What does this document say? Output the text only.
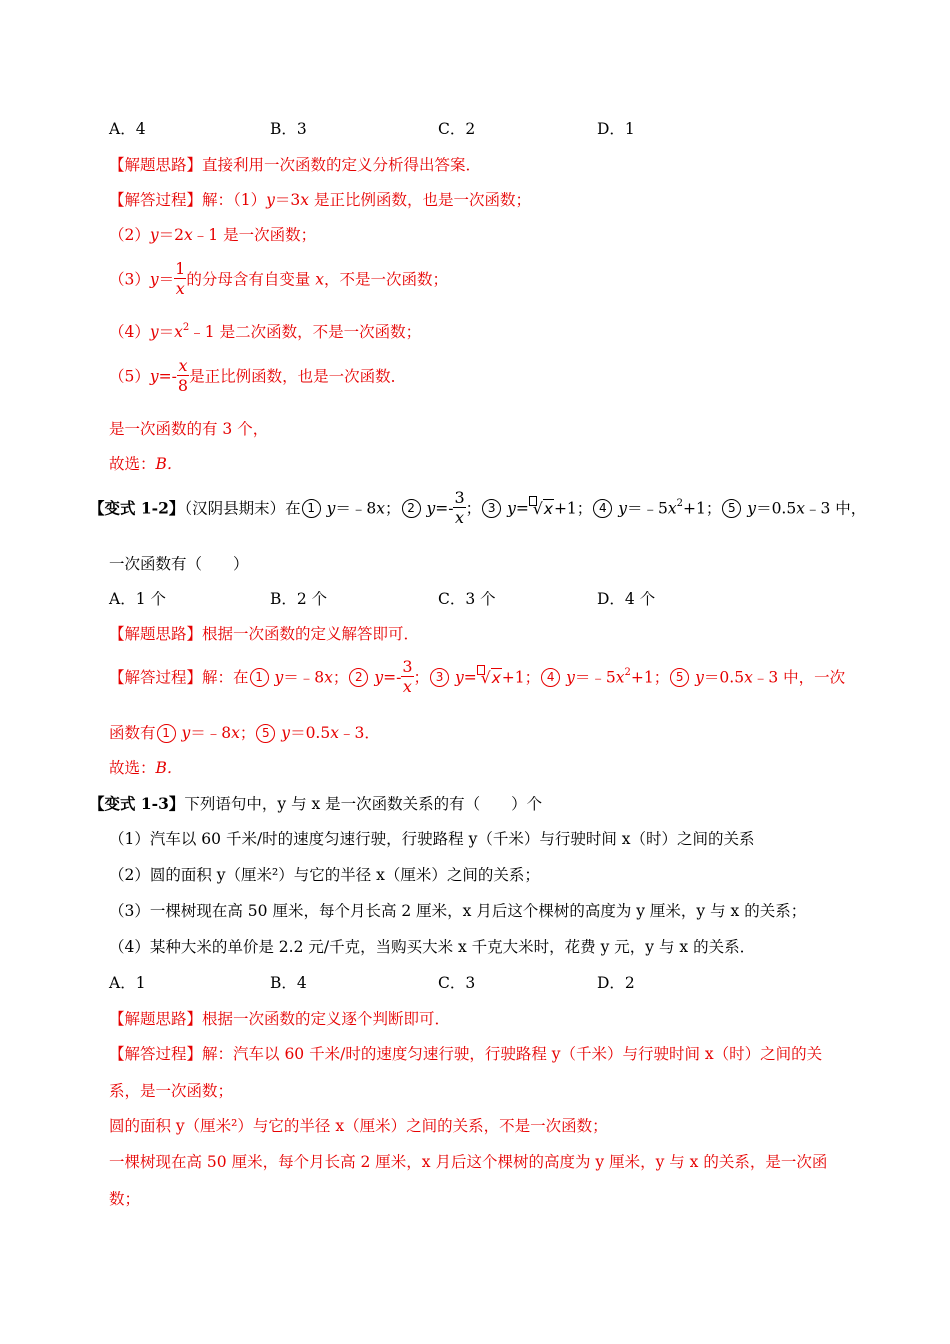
A．4	B．3	C．2	D．1
【解题思路】直接利用一次函数的定义分析得出答案．
【解答过程】解：（1）y＝3x 是正比例函数，也是一次函数；
（2）y＝2x﹣1 是一次函数；
$(3)y= \frac{1}{x}$ 的分母含有自变量 x，不是一次函数；
$(4)y=x^2﹣1$ 是二次函数，不是一次函数；
$(5)y=- \frac{x}{8}$ 是正比例函数，也是一次函数．
是一次函数的有 3 个，
故选：B．
【变式 1-2】（汉阴县期末）在 1 y＝﹣8x； 2 $y=- \frac{3}{x}$ ； 3 y= √x+1； 4 $y=﹣5x^2+1$； 5 y＝0.5x﹣3 中，
一次函数有（　　）
A．1 个	B．2 个	C．3 个	D．4 个
【解题思路】根据一次函数的定义解答即可．
【解答过程】解：在 1 y＝﹣8x； 2 $y=- \frac{3}{x}$ ； 3 y= √x+1； 4 $y=﹣5x^2+1$； 5 y＝0.5x﹣3 中，一次
函数有 1 y＝﹣8x； 5 y＝0.5x﹣3．
故选：B．
【变式 1-3】下列语句中，y 与 x 是一次函数关系的有（　　）个
（1）汽车以 60 千米/时的速度匀速行驶，行驶路程 y（千米）与行驶时间 x（时）之间的关系
（2）圆的面积 y（厘米²）与它的半径 x（厘米）之间的关系；
（3）一棵树现在高 50 厘米，每个月长高 2 厘米，x 月后这个棵树的高度为 y 厘米，y 与 x 的关系；
（4）某种大米的单价是 2.2 元/千克，当购买大米 x 千克大米时，花费 y 元，y 与 x 的关系．
A．1	B．4	C．3	D．2
【解题思路】根据一次函数的定义逐个判断即可．
【解答过程】解：汽车以 60 千米/时的速度匀速行驶，行驶路程 y（千米）与行驶时间 x（时）之间的关
系，是一次函数；
圆的面积 y（厘米²）与它的半径 x（厘米）之间的关系，不是一次函数；
一棵树现在高 50 厘米，每个月长高 2 厘米，x 月后这个棵树的高度为 y 厘米，y 与 x 的关系，是一次函
数；
